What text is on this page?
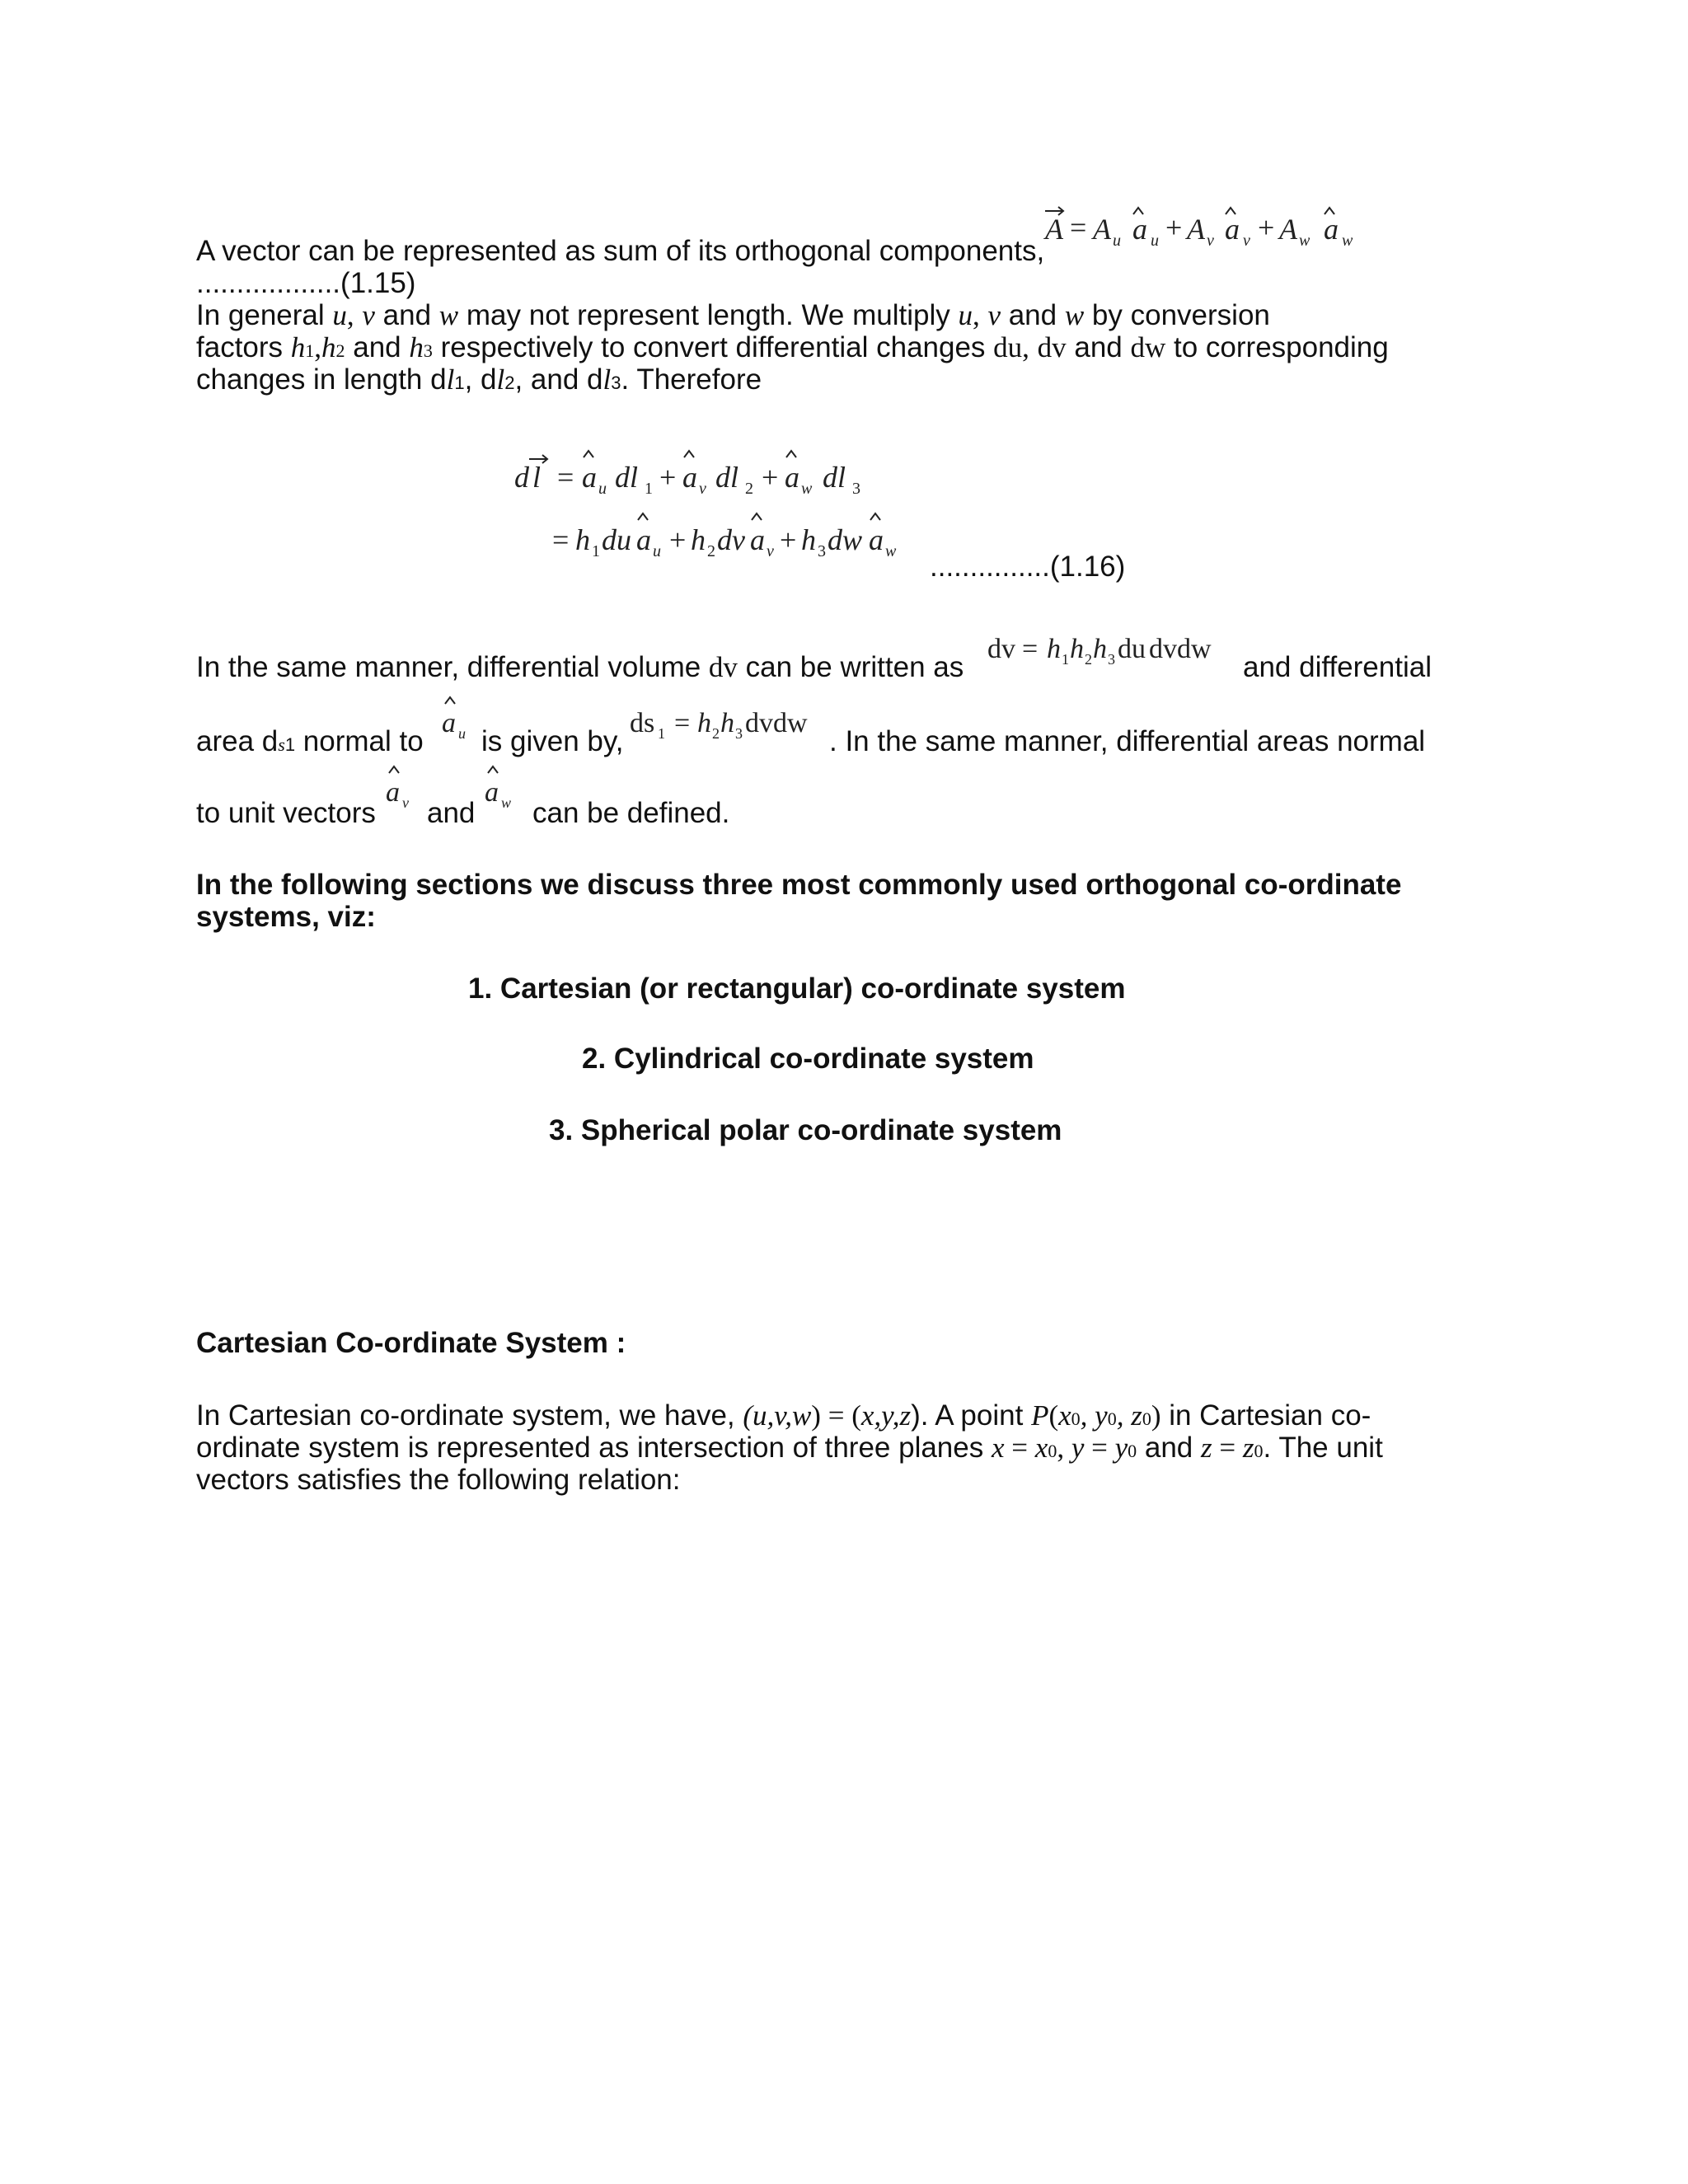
A vector can be represented as sum of its orthogonal components,
A = A u a u + A v a v + A w a w
..................(1.15)
In general u, v and w may not represent length. We multiply u, v and w by conversion
factors h1,h2 and h3 respectively to convert differential changes du, dv and dw to corresponding
changes in length dl1, dl2, and dl3. Therefore
d l = a u dl 1 + a v dl 2 + a w dl 3
= h 1 du a u + h 2 dv a v + h 3 dw a w ...............(1.16)
In the same manner, differential volume dv can be written as
dv = h 1 h 2 h 3 du dvdw
and differential
area ds1 normal to
a u is given by,
ds 1 = h 2 h 3 dvdw
. In the same manner, differential areas normal
to unit vectors
a v and
a w can be defined.
In the following sections we discuss three most commonly used orthogonal co-ordinate
systems, viz:
1. Cartesian (or rectangular) co-ordinate system
2. Cylindrical co-ordinate system
3. Spherical polar co-ordinate system
Cartesian Co-ordinate System :
In Cartesian co-ordinate system, we have, (u,v,w) = (x,y,z). A point P(x0, y0, z0) in Cartesian co-
ordinate system is represented as intersection of three planes x = x0, y = y0 and z = z0. The unit
vectors satisfies the following relation:
